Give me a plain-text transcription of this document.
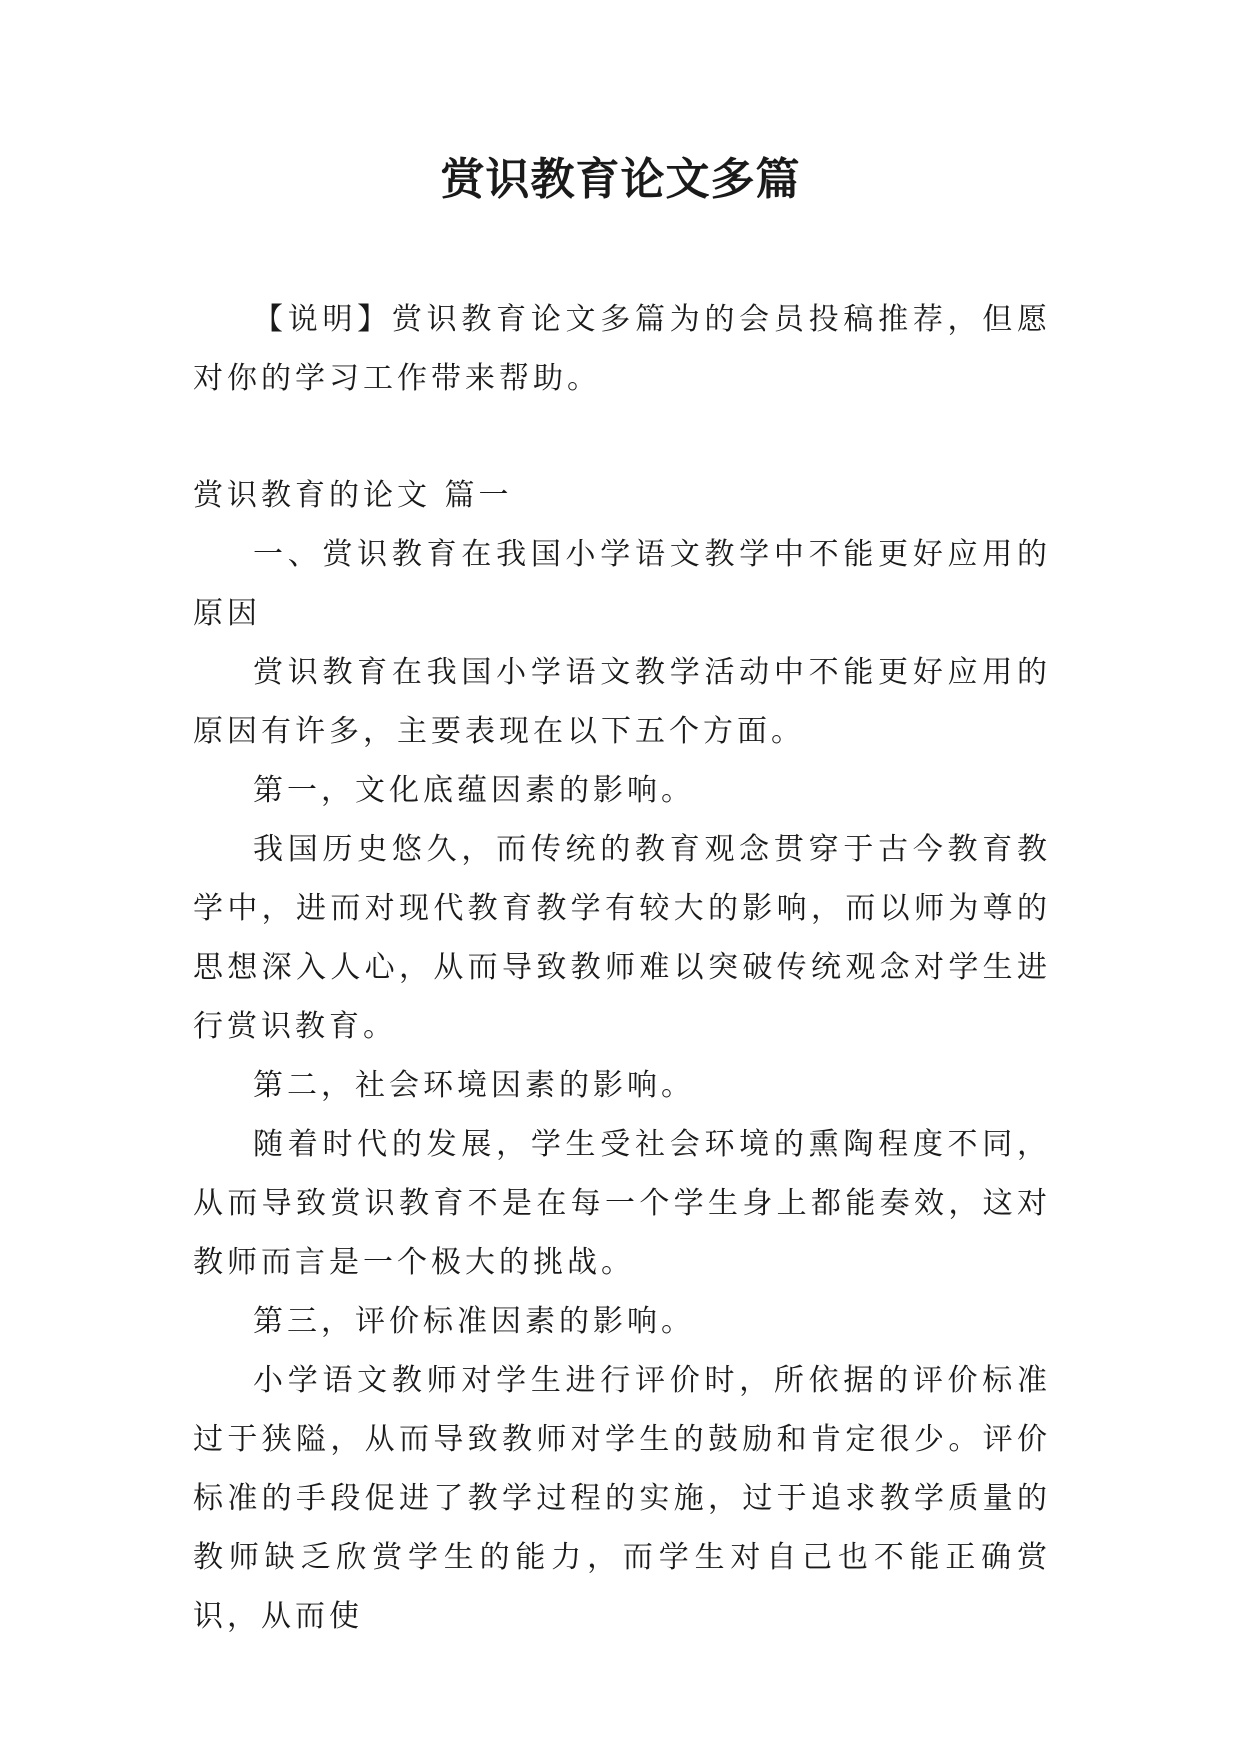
赏识教育论文多篇

【说明】赏识教育论文多篇为的会员投稿推荐，但愿对你的学习工作带来帮助。

赏识教育的论文 篇一

一、赏识教育在我国小学语文教学中不能更好应用的原因

赏识教育在我国小学语文教学活动中不能更好应用的原因有许多，主要表现在以下五个方面。

第一，文化底蕴因素的影响。

我国历史悠久，而传统的教育观念贯穿于古今教育教学中，进而对现代教育教学有较大的影响，而以师为尊的思想深入人心，从而导致教师难以突破传统观念对学生进行赏识教育。

第二，社会环境因素的影响。

随着时代的发展，学生受社会环境的熏陶程度不同，从而导致赏识教育不是在每一个学生身上都能奏效，这对教师而言是一个极大的挑战。

第三，评价标准因素的影响。

小学语文教师对学生进行评价时，所依据的评价标准过于狭隘，从而导致教师对学生的鼓励和肯定很少。评价标准的手段促进了教学过程的实施，过于追求教学质量的教师缺乏欣赏学生的能力，而学生对自己也不能正确赏识，从而使
